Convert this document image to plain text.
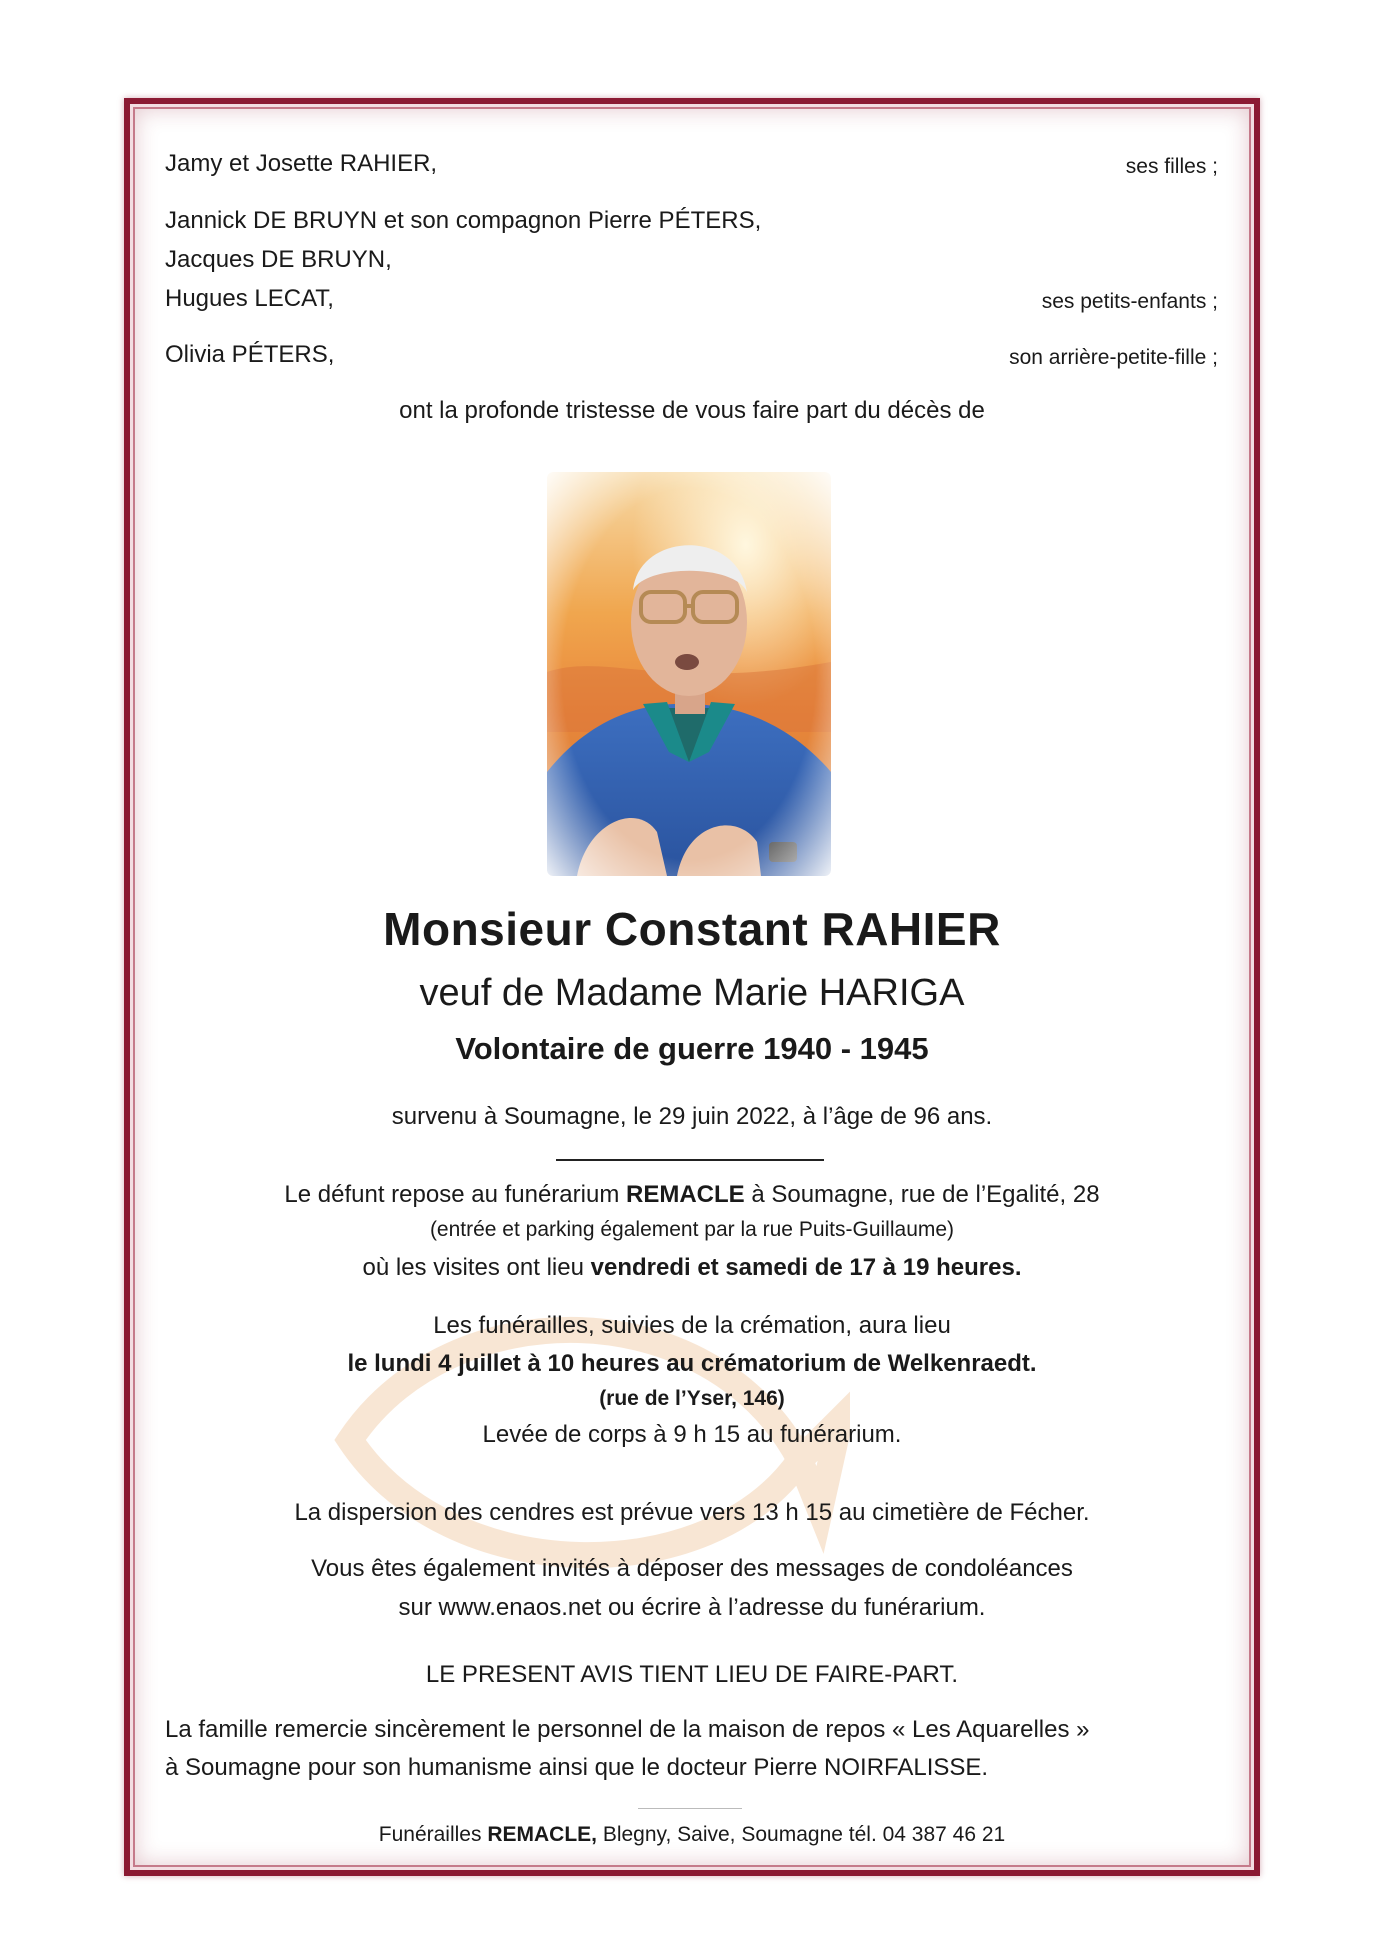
Jamy et Josette RAHIER,	ses filles ;
Jannick DE BRUYN et son compagnon Pierre PÉTERS,
Jacques DE BRUYN,
Hugues LECAT,	ses petits-enfants ;
Olivia PÉTERS,	son arrière-petite-fille ;
ont la profonde tristesse de vous faire part du décès de
Monsieur Constant RAHIER
veuf de Madame Marie HARIGA
Volontaire de guerre 1940 - 1945
survenu à Soumagne, le 29 juin 2022, à l’âge de 96 ans.
Le défunt repose au funérarium REMACLE à Soumagne, rue de l’Egalité, 28
(entrée et parking également par la rue Puits-Guillaume)
où les visites ont lieu vendredi et samedi de 17 à 19 heures.
Les funérailles, suivies de la crémation, aura lieu
le lundi 4 juillet à 10 heures au crématorium de Welkenraedt.
(rue de l’Yser, 146)
Levée de corps à 9 h 15 au funérarium.
La dispersion des cendres est prévue vers 13 h 15 au cimetière de Fécher.
Vous êtes également invités à déposer des messages de condoléances
sur www.enaos.net ou écrire à l’adresse du funérarium.
LE PRESENT AVIS TIENT LIEU DE FAIRE-PART.
La famille remercie sincèrement le personnel de la maison de repos « Les Aquarelles »
à Soumagne pour son humanisme ainsi que le docteur Pierre NOIRFALISSE.
Funérailles REMACLE, Blegny, Saive, Soumagne tél. 04 387 46 21
